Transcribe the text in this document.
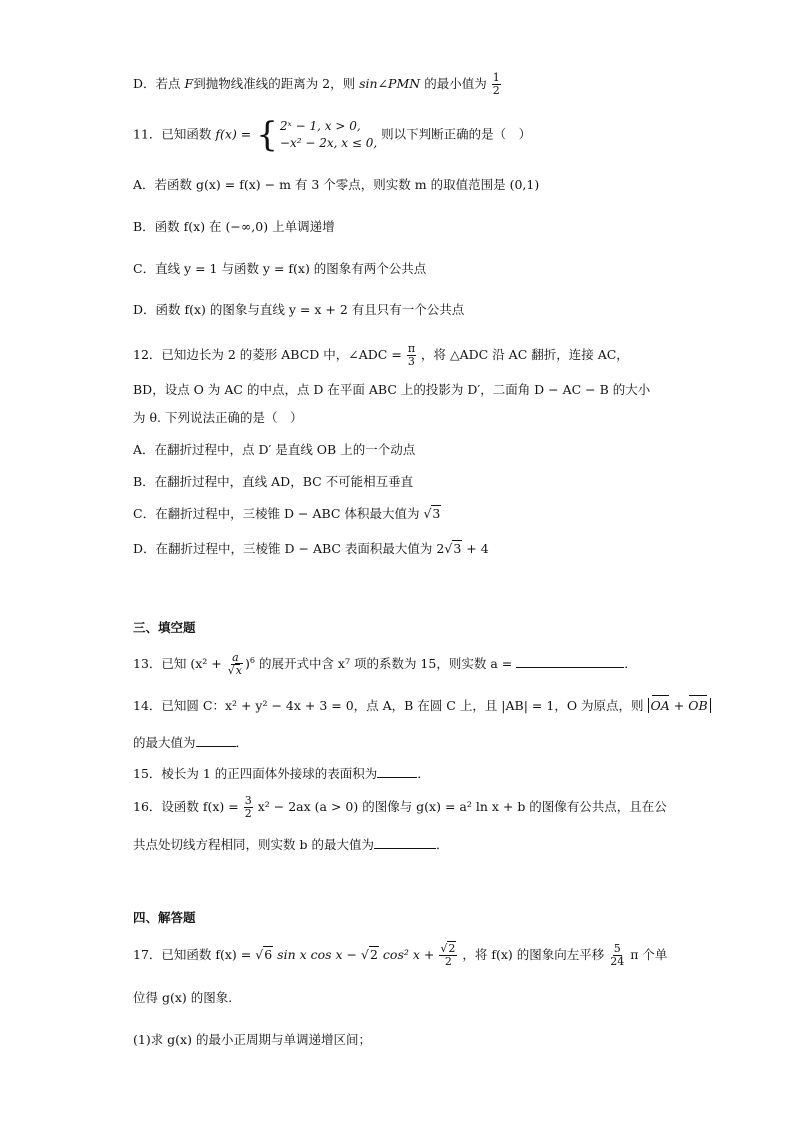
D．若点 F到抛物线准线的距离为 2，则 sin∠PMN 的最小值为 $\frac{1}{2}$
11．已知函数 f(x) = { 2ˣ − 1, x > 0,
−x² − 2x, x ≤ 0,
则以下判断正确的是（　）
A．若函数 g(x) = f(x) − m 有 3 个零点，则实数 m 的取值范围是 (0,1)
B．函数 f(x) 在 (−∞,0) 上单调递增
C．直线 y = 1 与函数 y = f(x) 的图象有两个公共点
D．函数 f(x) 的图象与直线 y = x + 2 有且只有一个公共点
12．已知边长为 2 的菱形 ABCD 中，∠ADC = $\frac{\pi}{3}$ ，将 △ADC 沿 AC 翻折，连接 AC，
BD，设点 O 为 AC 的中点，点 D 在平面 ABC 上的投影为 D′，二面角 D − AC − B 的大小
为 θ. 下列说法正确的是（　）
A．在翻折过程中，点 D′ 是直线 OB 上的一个动点
B．在翻折过程中，直线 AD，BC 不可能相互垂直
C．在翻折过程中，三棱锥 D − ABC 体积最大值为 √3
D．在翻折过程中，三棱锥 D − ABC 表面积最大值为 2√3 + 4
三、填空题
13．已知 $(x^2 + \frac{a}{√x} )^6$ 的展开式中含 x⁷ 项的系数为 15，则实数 a =	．
14．已知圆 C：x² + y² − 4x + 3 = 0，点 A，B 在圆 C 上，且 |AB| = 1，O 为原点，则 OA + OB
的最大值为	．
15．棱长为 1 的正四面体外接球的表面积为	．
16．设函数 $f(x) = \frac{3}{2} x^2 - 2ax$ (a > 0) 的图像与 g(x) = a² ln x + b 的图像有公共点，且在公
共点处切线方程相同，则实数 b 的最大值为	．
四、解答题
17．已知函数 f(x) = √6 sin x cos x − √2 cos² $x + \frac{√2}{2}$ ，将 f(x) 的图象向左平移 $\frac{5}{24}$ π 个单
位得 g(x) 的图象.
(1)求 g(x) 的最小正周期与单调递增区间；
